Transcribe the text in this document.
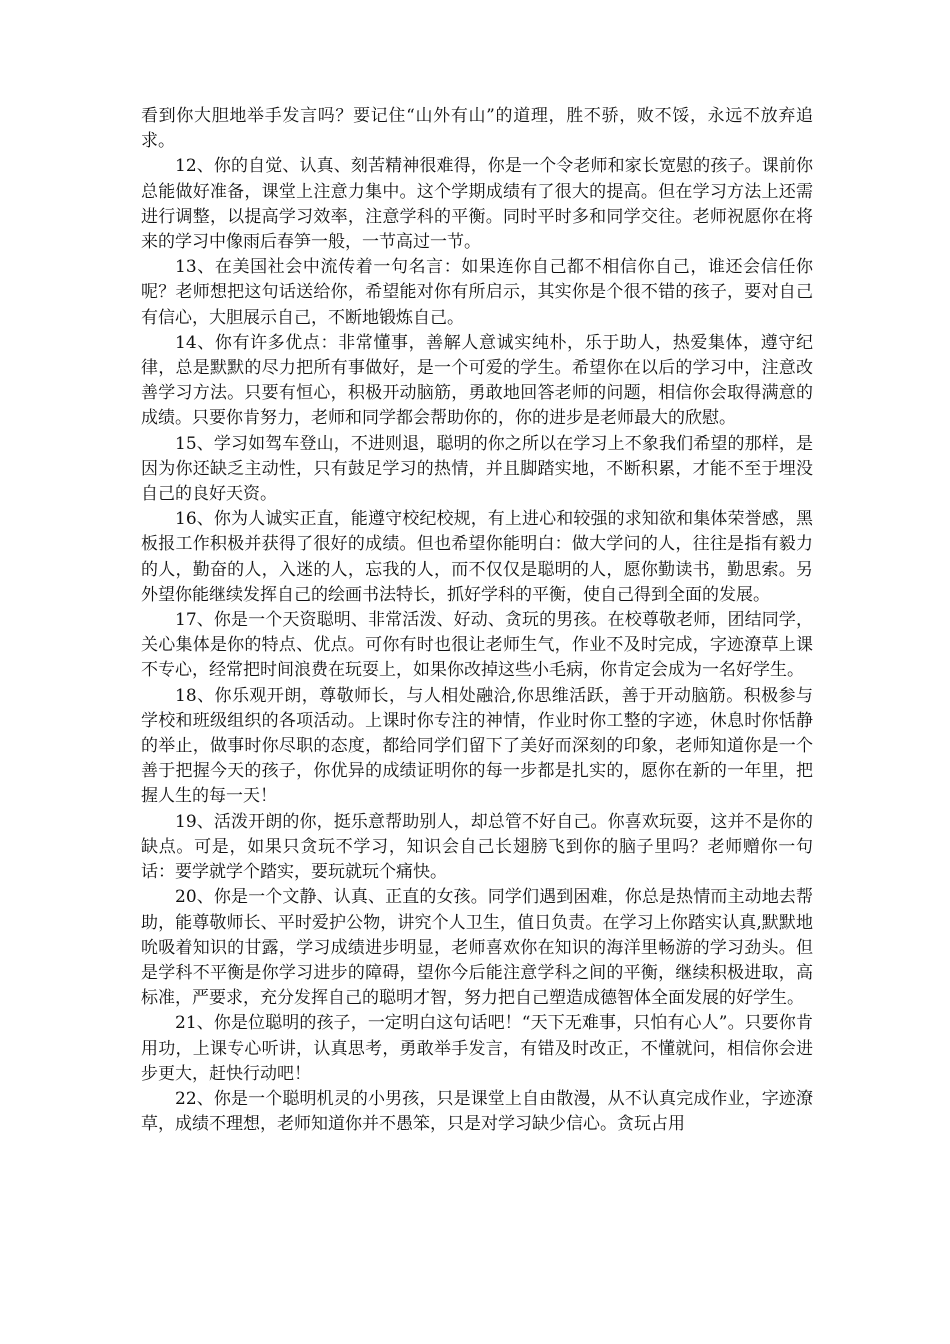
看到你大胆地举手发言吗？要记住“山外有山”的道理，胜不骄，败不馁，永远不放弃追求。

12、你的自觉、认真、刻苦精神很难得，你是一个令老师和家长宽慰的孩子。课前你总能做好准备，课堂上注意力集中。这个学期成绩有了很大的提高。但在学习方法上还需进行调整，以提高学习效率，注意学科的平衡。同时平时多和同学交往。老师祝愿你在将来的学习中像雨后春笋一般，一节高过一节。

13、在美国社会中流传着一句名言：如果连你自己都不相信你自己，谁还会信任你呢？老师想把这句话送给你，希望能对你有所启示，其实你是个很不错的孩子，要对自己有信心，大胆展示自己，不断地锻炼自己。

14、你有许多优点：非常懂事，善解人意诚实纯朴，乐于助人，热爱集体，遵守纪律，总是默默的尽力把所有事做好，是一个可爱的学生。希望你在以后的学习中，注意改善学习方法。只要有恒心，积极开动脑筋，勇敢地回答老师的问题，相信你会取得满意的成绩。只要你肯努力，老师和同学都会帮助你的，你的进步是老师最大的欣慰。

15、学习如驾车登山，不进则退，聪明的你之所以在学习上不象我们希望的那样，是因为你还缺乏主动性，只有鼓足学习的热情，并且脚踏实地，不断积累，才能不至于埋没自己的良好天资。

16、你为人诚实正直，能遵守校纪校规，有上进心和较强的求知欲和集体荣誉感，黑板报工作积极并获得了很好的成绩。但也希望你能明白：做大学问的人，往往是指有毅力的人，勤奋的人，入迷的人，忘我的人，而不仅仅是聪明的人，愿你勤读书，勤思索。另外望你能继续发挥自己的绘画书法特长，抓好学科的平衡，使自己得到全面的发展。

17、你是一个天资聪明、非常活泼、好动、贪玩的男孩。在校尊敬老师，团结同学，关心集体是你的特点、优点。可你有时也很让老师生气，作业不及时完成，字迹潦草上课不专心，经常把时间浪费在玩耍上，如果你改掉这些小毛病，你肯定会成为一名好学生。

18、你乐观开朗，尊敬师长，与人相处融洽,你思维活跃，善于开动脑筋。积极参与学校和班级组织的各项活动。上课时你专注的神情，作业时你工整的字迹，休息时你恬静的举止，做事时你尽职的态度，都给同学们留下了美好而深刻的印象，老师知道你是一个善于把握今天的孩子，你优异的成绩证明你的每一步都是扎实的，愿你在新的一年里，把握人生的每一天！

19、活泼开朗的你，挺乐意帮助别人，却总管不好自己。你喜欢玩耍，这并不是你的缺点。可是，如果只贪玩不学习，知识会自己长翅膀飞到你的脑子里吗？老师赠你一句话：要学就学个踏实，要玩就玩个痛快。

20、你是一个文静、认真、正直的女孩。同学们遇到困难，你总是热情而主动地去帮助，能尊敬师长、平时爱护公物，讲究个人卫生，值日负责。在学习上你踏实认真,默默地吮吸着知识的甘露，学习成绩进步明显，老师喜欢你在知识的海洋里畅游的学习劲头。但是学科不平衡是你学习进步的障碍，望你今后能注意学科之间的平衡，继续积极进取，高标准，严要求，充分发挥自己的聪明才智，努力把自己塑造成德智体全面发展的好学生。

21、你是位聪明的孩子，一定明白这句话吧！“天下无难事，只怕有心人”。只要你肯用功，上课专心听讲，认真思考，勇敢举手发言，有错及时改正，不懂就问，相信你会进步更大，赶快行动吧！

22、你是一个聪明机灵的小男孩，只是课堂上自由散漫，从不认真完成作业，字迹潦草，成绩不理想，老师知道你并不愚笨，只是对学习缺少信心。贪玩占用
